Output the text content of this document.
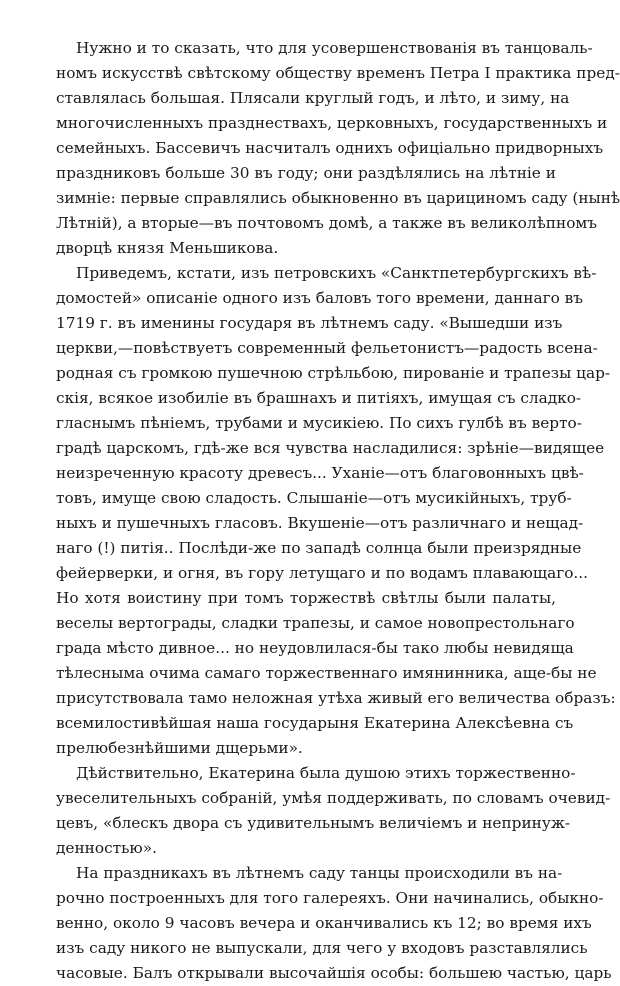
Нужно и то сказать, что для усовершенствованія въ танцоваль-
номъ искусствѣ свѣтскому обществу временъ Петра I практика пред-
ставлялась большая. Плясали круглый годъ, и лѣто, и зиму, на
многочисленныхъ празднествахъ, церковныхъ, государственныхъ и
семейныхъ. Бассевичъ насчиталъ однихъ офиціально придворныхъ
праздниковъ больше 30 въ году; они раздѣлялись на лѣтніе и
зимніе: первые справлялись обыкновенно въ царициномъ саду (нынѣ
Лѣтній), а вторые—въ почтовомъ домѣ, а также въ великолѣпномъ
дворцѣ князя Меньшикова.
Приведемъ, кстати, изъ петровскихъ «Санктпетербургскихъ вѣ-
домостей» описаніе одного изъ баловъ того времени, даннаго въ
1719 г. въ именины государя въ лѣтнемъ саду. «Вышедши изъ
церкви,—повѣствуетъ современный фельетонистъ—радость всена-
родная съ громкою пушечною стрѣльбою, пированіе и трапезы цар-
скія, всякое изобиліе въ брашнахъ и питіяхъ, имущая съ сладко-
гласнымъ пѣніемъ, трубами и мусикіею. По сихъ гулбѣ въ верто-
градѣ царскомъ, гдѣ-же вся чувства насладилися: зрѣніе—видящее
неизреченную красоту древесъ... Уханіе—отъ благовонныхъ цвѣ-
товъ, имуще свою сладость. Слышаніе—отъ мусикійныхъ, труб-
ныхъ и пушечныхъ гласовъ. Вкушеніе—отъ различнаго и нещад-
наго (!) питія.. Послѣди-же по западѣ солнца были преизрядные
фейерверки, и огня, въ гору летущаго и по водамъ плавающаго...
Но хотя воистину при томъ торжествѣ свѣтлы были палаты,
веселы вертограды, сладки трапезы, и самое новопрестольнаго
града мѣсто дивное... но неудовлилася-бы тако любы невидяща
тѣлесныма очима самаго торжественнаго имянинника, аще-бы не
присутствовала тамо неложная утѣха живый его величества образъ:
всемилостивѣйшая наша государыня Екатерина Алексѣевна съ
прелюбезнѣйшими дщерьми».
Дѣйствительно, Екатерина была душою этихъ торжественно-
увеселительныхъ собраній, умѣя поддерживать, по словамъ очевид-
цевъ, «блескъ двора съ удивительнымъ величіемъ и непринуж-
денностью».
На праздникахъ въ лѣтнемъ саду танцы происходили въ на-
рочно построенныхъ для того галереяхъ. Они начинались, обыкно-
венно, около 9 часовъ вечера и оканчивались къ 12; во время ихъ
изъ саду никого не выпускали, для чего у входовъ разставлялись
часовые. Балъ открывали высочайшія особы: большею частью, царь
